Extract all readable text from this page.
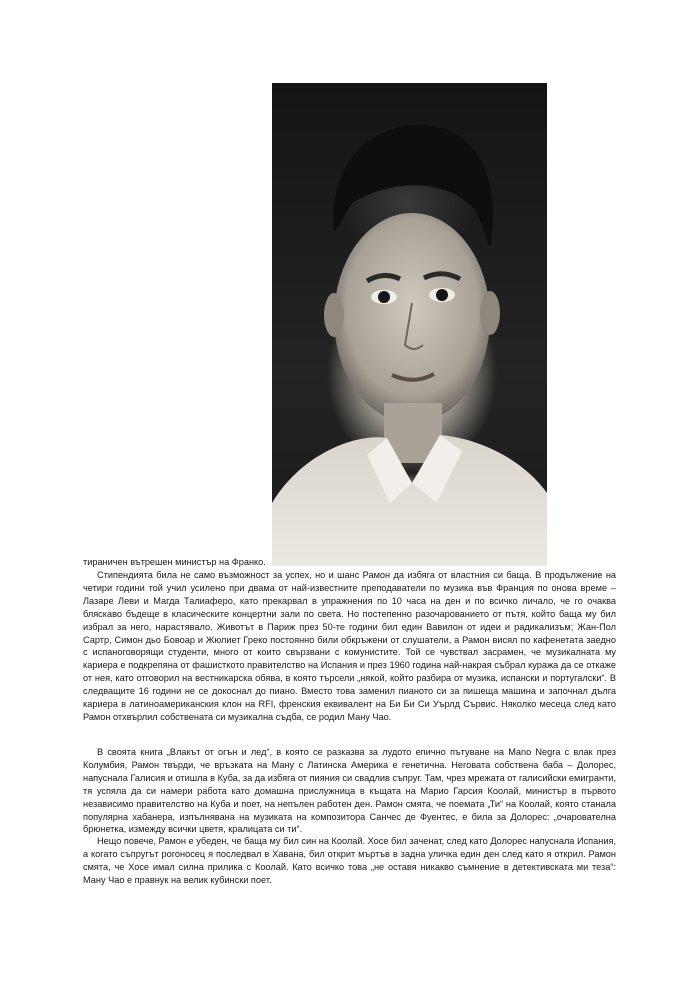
тираничен вътрешен министър на Франко.

Стипендията била не само възможност за успех, но и шанс Рамон да избяга от властния си баща. В продължение на четири години той учил усилено при двама от най-известните преподаватели по музика във Франция по онова време – Лазаре Леви и Магда Талиаферо, като прекарвал в упражнения по 10 часа на ден и по всичко личало, че го очаква бляскаво бъдеще в класическите концертни зали по света. Но постепенно разочарованието от пътя, който баща му бил избрал за него, нарастявало. Животът в Париж през 50-те години бил един Вавилон от идеи и радикализъм; Жан-Пол Сартр, Симон дьо Бовоар и Жюлиет Греко постоянно били обкръжени от слушатели, а Рамон висял по кафенетата заедно с испаноговорящи студенти, много от които свързвани с комунистите. Той се чувствал засрамен, че музикалната му кариера е подкрепяна от фашисткото правителство на Испания и през 1960 година най-накрая събрал куража да се откаже от нея, като отговорил на вестникарска обява, в която търсели „някой, който разбира от музика, испански и португалски“. В следващите 16 години не се докоснал до пиано. Вместо това заменил пианото си за пишеща машина и започнал дълга кариера в латиноамериканския клон на RFI, френския еквивалент на Би Би Си Уърлд Сървис. Няколко месеца след като Рамон отхвърлил собствената си музикална съдба, се родил Ману Чао.

В своята книга „Влакът от огън и лед“, в която се разказва за лудото епично пътуване на Mano Negra с влак през Колумбия, Рамон твърди, че връзката на Ману с Латинска Америка е генетична. Неговата собствена баба – Долорес, напуснала Галисия и отишла в Куба, за да избяга от пияния си свадлив съпруг. Там, чрез мрежата от галисийски емигранти, тя успяла да си намери работа като домашна прислужница в къщата на Марио Гарсия Коолай, министър в първото независимо правителство на Куба и поет, на непълен работен ден. Рамон смята, че поемата „Ти“ на Коолай, която станала популярна хабанера, изпълнявана на музиката на композитора Санчес де Фуентес, е била за Долорес: „очарователна брюнетка, измежду всички цветя, кралицата си ти“.

Нещо повече, Рамон е убеден, че баща му бил син на Коолай. Хосе бил заченат, след като Долорес напуснала Испания, а когато съпругът рогоносец я последвал в Хавана, бил открит мъртъв в задна уличка един ден след като я открил. Рамон смята, че Хосе имал силна прилика с Коолай. Като всичко това „не оставя никакво съмнение в детективската ми теза“: Ману Чао е правнук на велик кубински поет.
